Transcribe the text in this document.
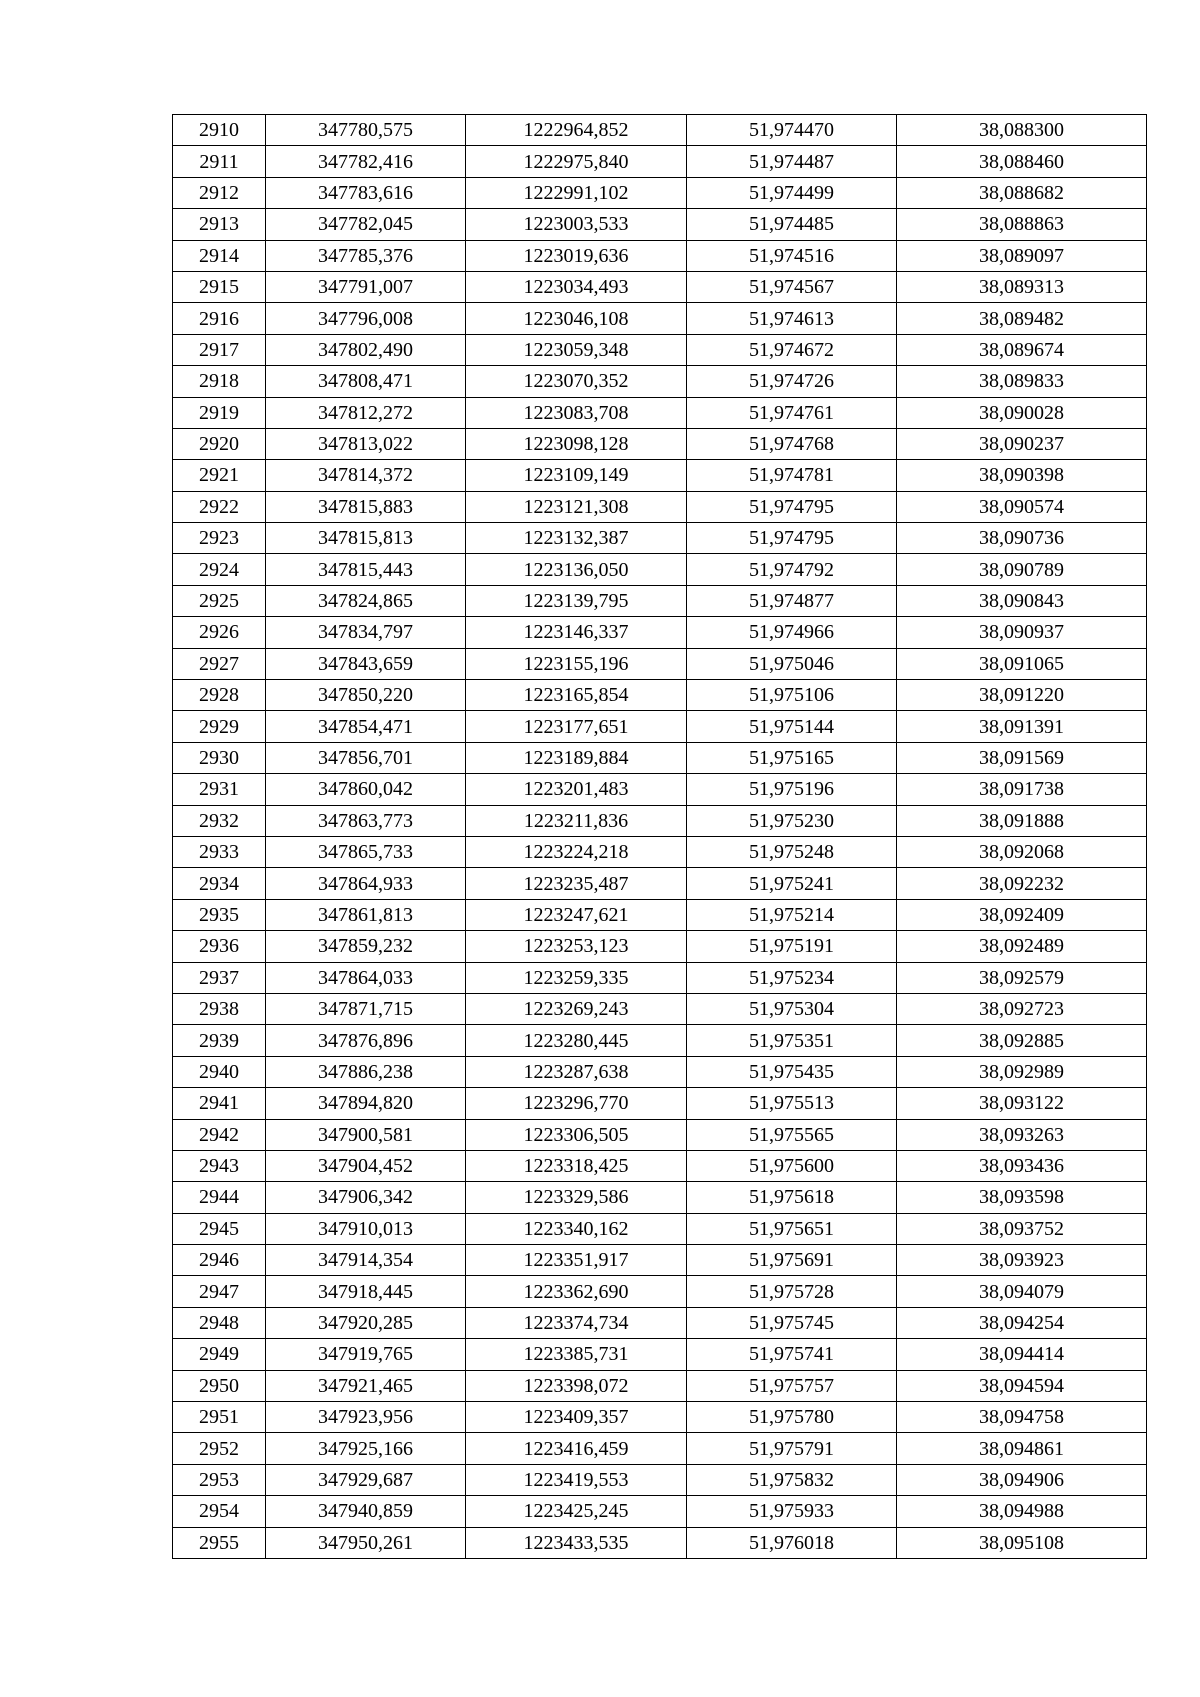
2910	347780,575	1222964,852	51,974470	38,088300
2911	347782,416	1222975,840	51,974487	38,088460
2912	347783,616	1222991,102	51,974499	38,088682
2913	347782,045	1223003,533	51,974485	38,088863
2914	347785,376	1223019,636	51,974516	38,089097
2915	347791,007	1223034,493	51,974567	38,089313
2916	347796,008	1223046,108	51,974613	38,089482
2917	347802,490	1223059,348	51,974672	38,089674
2918	347808,471	1223070,352	51,974726	38,089833
2919	347812,272	1223083,708	51,974761	38,090028
2920	347813,022	1223098,128	51,974768	38,090237
2921	347814,372	1223109,149	51,974781	38,090398
2922	347815,883	1223121,308	51,974795	38,090574
2923	347815,813	1223132,387	51,974795	38,090736
2924	347815,443	1223136,050	51,974792	38,090789
2925	347824,865	1223139,795	51,974877	38,090843
2926	347834,797	1223146,337	51,974966	38,090937
2927	347843,659	1223155,196	51,975046	38,091065
2928	347850,220	1223165,854	51,975106	38,091220
2929	347854,471	1223177,651	51,975144	38,091391
2930	347856,701	1223189,884	51,975165	38,091569
2931	347860,042	1223201,483	51,975196	38,091738
2932	347863,773	1223211,836	51,975230	38,091888
2933	347865,733	1223224,218	51,975248	38,092068
2934	347864,933	1223235,487	51,975241	38,092232
2935	347861,813	1223247,621	51,975214	38,092409
2936	347859,232	1223253,123	51,975191	38,092489
2937	347864,033	1223259,335	51,975234	38,092579
2938	347871,715	1223269,243	51,975304	38,092723
2939	347876,896	1223280,445	51,975351	38,092885
2940	347886,238	1223287,638	51,975435	38,092989
2941	347894,820	1223296,770	51,975513	38,093122
2942	347900,581	1223306,505	51,975565	38,093263
2943	347904,452	1223318,425	51,975600	38,093436
2944	347906,342	1223329,586	51,975618	38,093598
2945	347910,013	1223340,162	51,975651	38,093752
2946	347914,354	1223351,917	51,975691	38,093923
2947	347918,445	1223362,690	51,975728	38,094079
2948	347920,285	1223374,734	51,975745	38,094254
2949	347919,765	1223385,731	51,975741	38,094414
2950	347921,465	1223398,072	51,975757	38,094594
2951	347923,956	1223409,357	51,975780	38,094758
2952	347925,166	1223416,459	51,975791	38,094861
2953	347929,687	1223419,553	51,975832	38,094906
2954	347940,859	1223425,245	51,975933	38,094988
2955	347950,261	1223433,535	51,976018	38,095108
